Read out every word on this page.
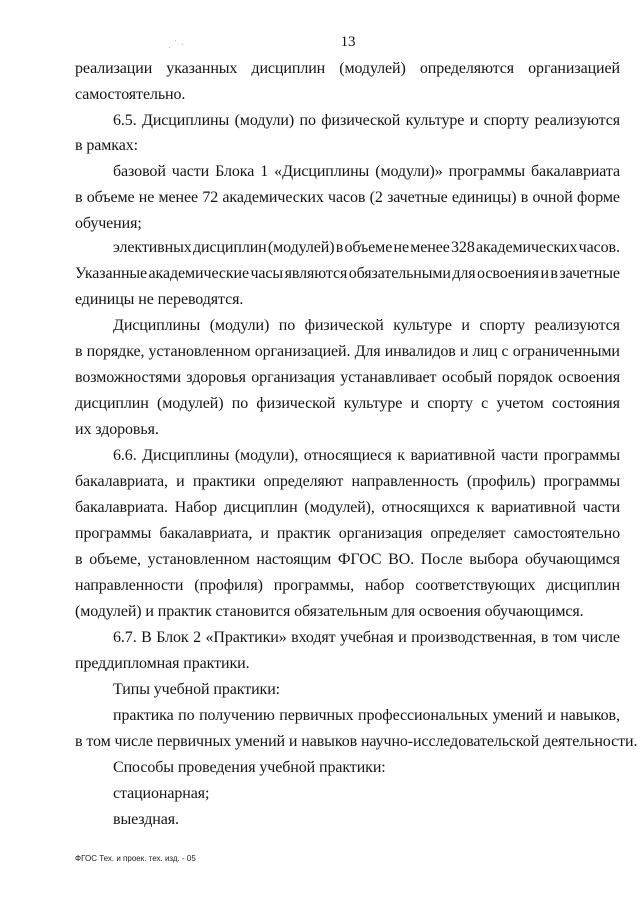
13
реализации указанных дисциплин (модулей) определяются организацией
самостоятельно.
6.5. Дисциплины (модули) по физической культуре и спорту реализуются
в рамках:
базовой части Блока 1 «Дисциплины (модули)» программы бакалавриата
в объеме не менее 72 академических часов (2 зачетные единицы) в очной форме
обучения;
элективных дисциплин (модулей) в объеме не менее 328 академических часов.
Указанные академические часы являются обязательными для освоения и в зачетные
единицы не переводятся.
Дисциплины (модули) по физической культуре и спорту реализуются
в порядке, установленном организацией. Для инвалидов и лиц с ограниченными
возможностями здоровья организация устанавливает особый порядок освоения
дисциплин (модулей) по физической культуре и спорту с учетом состояния
их здоровья.
6.6. Дисциплины (модули), относящиеся к вариативной части программы
бакалавриата, и практики определяют направленность (профиль) программы
бакалавриата. Набор дисциплин (модулей), относящихся к вариативной части
программы бакалавриата, и практик организация определяет самостоятельно
в объеме, установленном настоящим ФГОС ВО. После выбора обучающимся
направленности (профиля) программы, набор соответствующих дисциплин
(модулей) и практик становится обязательным для освоения обучающимся.
6.7. В Блок 2 «Практики» входят учебная и производственная, в том числе
преддипломная практики.
Типы учебной практики:
практика по получению первичных профессиональных умений и навыков,
в том числе первичных умений и навыков научно-исследовательской деятельности.
Способы проведения учебной практики:
стационарная;
выездная.
ФГОС Тех. и проек. тех. изд. - 05
